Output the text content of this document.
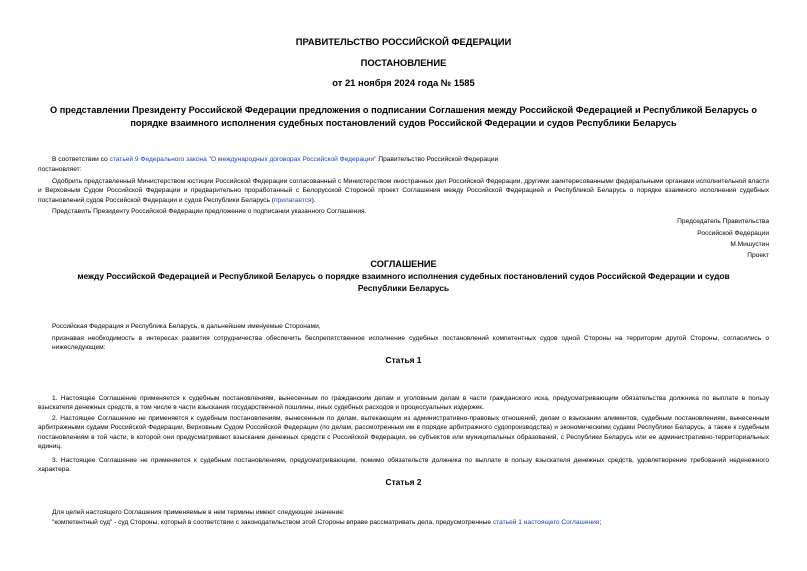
ПРАВИТЕЛЬСТВО РОССИЙСКОЙ ФЕДЕРАЦИИ
ПОСТАНОВЛЕНИЕ
от 21 ноября 2024 года № 1585
О представлении Президенту Российской Федерации предложения о подписании Соглашения между Российской Федерацией и Республикой Беларусь о порядке взаимного исполнения судебных постановлений судов Российской Федерации и судов Республики Беларусь
В соответствии со статьей 9 Федерального закона "О международных договорах Российской Федерации" Правительство Российской Федерации
постановляет:
Одобрить представленный Министерством юстиции Российской Федерации согласованный с Министерством иностранных дел Российской Федерации, другими заинтересованными федеральными органами исполнительной власти и Верховным Судом Российской Федерации и предварительно проработанный с Белорусской Стороной проект Соглашения между Российской Федерацией и Республикой Беларусь о порядке взаимного исполнения судебных постановлений судов Российской Федерации и судов Республики Беларусь (прилагается).
Представить Президенту Российской Федерации предложение о подписании указанного Соглашения.
Председатель Правительства
Российской Федерации
М.Мишустин
Проект
СОГЛАШЕНИЕ
между Российской Федерацией и Республикой Беларусь о порядке взаимного исполнения судебных постановлений судов Российской Федерации и судов Республики Беларусь
Российская Федерация и Республика Беларусь, в дальнейшем именуемые Сторонами,
признавая необходимость в интересах развития сотрудничества обеспечить беспрепятственное исполнение судебных постановлений компетентных судов одной Стороны на территории другой Стороны, согласились о нижеследующем:
Статья 1
1. Настоящее Соглашение применяется к судебным постановлениям, вынесенным по гражданским делам и уголовным делам в части гражданского иска, предусматривающим обязательства должника по выплате в пользу взыскателя денежных средств, в том числе в части взыскания государственной пошлины, иных судебных расходов и процессуальных издержек.
2. Настоящее Соглашение не применяется к судебным постановлениям, вынесенным по делам, вытекающим из административно-правовых отношений, делам о взыскании алиментов, судебным постановлениям, вынесенным арбитражными судами Российской Федерации, Верховным Судом Российской Федерации (по делам, рассмотренным им в порядке арбитражного судопроизводства) и экономическими судами Республики Беларусь, а также к судебным постановлениям в той части, в которой они предусматривают взыскание денежных средств с Российской Федерации, ее субъектов или муниципальных образований, с Республики Беларусь или ее административно-территориальных единиц.
3. Настоящее Соглашение не применяется к судебным постановлениям, предусматривающим, помимо обязательств должника по выплате в пользу взыскателя денежных средств, удовлетворение требований неденежного характера.
Статья 2
Для целей настоящего Соглашения применяемые в нем термины имеют следующее значение:
"компетентный суд" - суд Стороны, который в соответствии с законодательством этой Стороны вправе рассматривать дела, предусмотренные статьей 1 настоящего Соглашения;
